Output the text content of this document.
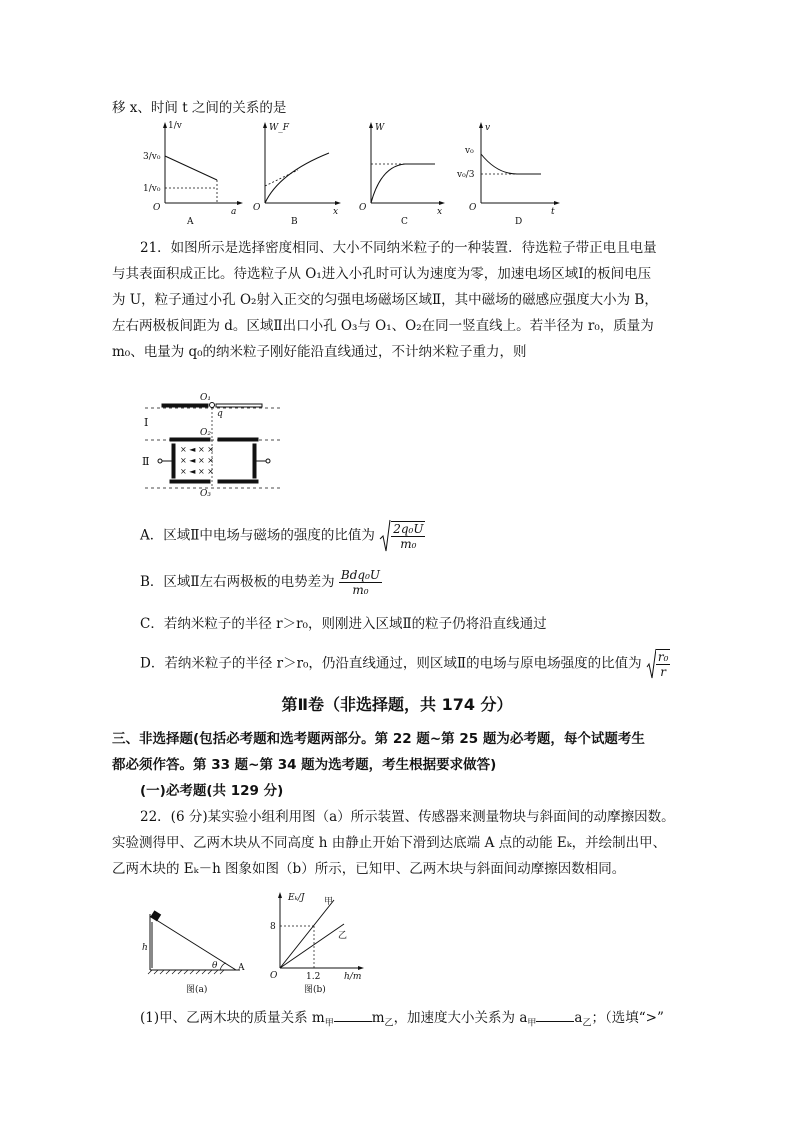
移 x、时间 t 之间的关系的是
1/v
3/v₀
1/v₀
O	a
A
W_F
O	x
B
W
O	x
C
v
v₀
v₀/3
O	t
D
21．如图所示是选择密度相同、大小不同纳米粒子的一种装置．待选粒子带正电且电量
与其表面积成正比。待选粒子从 O₁进入小孔时可认为速度为零，加速电场区域Ⅰ的板间电压
为 U，粒子通过小孔 O₂射入正交的匀强电场磁场区域Ⅱ，其中磁场的磁感应强度大小为 B，
左右两极板间距为 d。区域Ⅱ出口小孔 O₃与 O₁、O₂在同一竖直线上。若半径为 r₀，质量为
m₀、电量为 q₀的纳米粒子刚好能沿直线通过，不计纳米粒子重力，则
× ◄ × ×
× ◄ × ×
× ◄ × ×
O₁
q
O₂
O₃
Ⅰ
Ⅱ
A．区域Ⅱ中电场与磁场的强度的比值为 $\frac{\text{2q₀U}}{\text{m₀}}$
B．区域Ⅱ左右两极板的电势差为 $\frac{\text{Bdq₀U}}{\text{m₀}}$
C．若纳米粒子的半径 r＞r₀，则刚进入区域Ⅱ的粒子仍将沿直线通过
D．若纳米粒子的半径 r＞r₀，仍沿直线通过，则区域Ⅱ的电场与原电场强度的比值为 $\frac{\text{r₀}}{r}$
第Ⅱ卷（非选择题，共 174 分）
三、非选择题(包括必考题和选考题两部分。第 22 题~第 25 题为必考题，每个试题考生
都必须作答。第 33 题~第 34 题为选考题，考生根据要求做答)
(一)必考题(共 129 分)
22．(6 分)某实验小组利用图（a）所示装置、传感器来测量物块与斜面间的动摩擦因数。
实验测得甲、乙两木块从不同高度 h 由静止开始下滑到达底端 A 点的动能 Eₖ，并绘制出甲、
乙两木块的 Eₖ－h 图象如图（b）所示，已知甲、乙两木块与斜面间动摩擦因数相同。
h
θ A
图(a)
Eₖ/J
8
1.2
O	h/m
甲
乙
图(b)
(1)甲、乙两木块的质量关系 $m_甲$	$m_乙$，加速度大小关系为 $a_甲$	$a_乙$；（选填“>”
